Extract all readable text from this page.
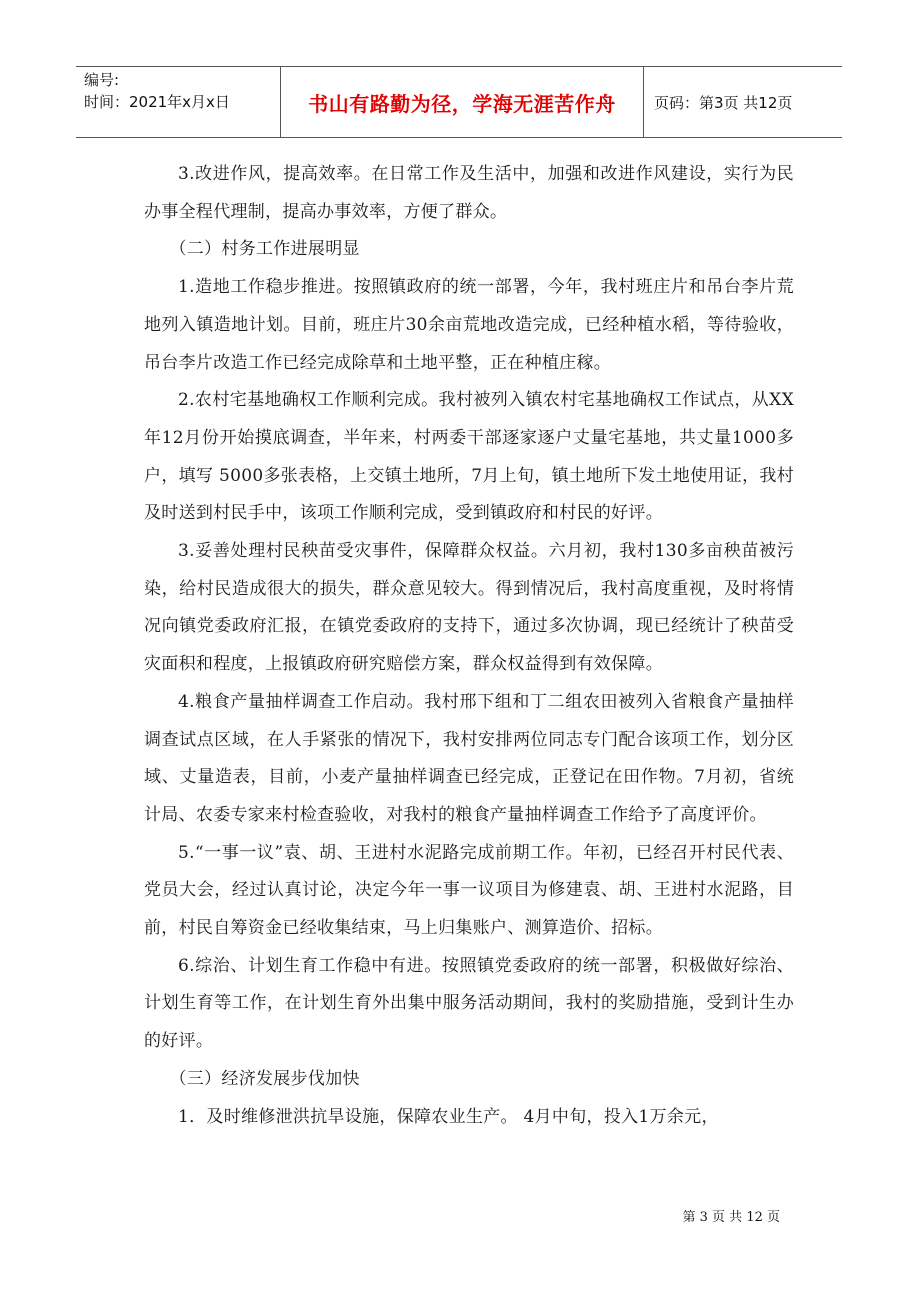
编号:
时间：2021年x月x日	书山有路勤为径，学海无涯苦作舟	页码：第3页 共12页

3.改进作风，提高效率。在日常工作及生活中，加强和改进作风建设，实行为民办事全程代理制，提高办事效率，方便了群众。

（二）村务工作进展明显

1.造地工作稳步推进。按照镇政府的统一部署，今年，我村班庄片和吊台李片荒地列入镇造地计划。目前，班庄片30余亩荒地改造完成，已经种植水稻，等待验收，吊台李片改造工作已经完成除草和土地平整，正在种植庄稼。

2.农村宅基地确权工作顺利完成。我村被列入镇农村宅基地确权工作试点，从XX年12月份开始摸底调查，半年来，村两委干部逐家逐户丈量宅基地，共丈量1000多户，填写 5000多张表格，上交镇土地所，7月上旬，镇土地所下发土地使用证，我村及时送到村民手中，该项工作顺利完成，受到镇政府和村民的好评。

3.妥善处理村民秧苗受灾事件，保障群众权益。六月初，我村130多亩秧苗被污染，给村民造成很大的损失，群众意见较大。得到情况后，我村高度重视，及时将情况向镇党委政府汇报，在镇党委政府的支持下，通过多次协调，现已经统计了秧苗受灾面积和程度，上报镇政府研究赔偿方案，群众权益得到有效保障。

4.粮食产量抽样调查工作启动。我村邢下组和丁二组农田被列入省粮食产量抽样调查试点区域，在人手紧张的情况下，我村安排两位同志专门配合该项工作，划分区域、丈量造表，目前，小麦产量抽样调查已经完成，正登记在田作物。7月初，省统计局、农委专家来村检查验收，对我村的粮食产量抽样调查工作给予了高度评价。

5.“一事一议”袁、胡、王进村水泥路完成前期工作。年初，已经召开村民代表、党员大会，经过认真讨论，决定今年一事一议项目为修建袁、胡、王进村水泥路，目前，村民自筹资金已经收集结束，马上归集账户、测算造价、招标。

6.综治、计划生育工作稳中有进。按照镇党委政府的统一部署，积极做好综治、计划生育等工作，在计划生育外出集中服务活动期间，我村的奖励措施，受到计生办的好评。

（三）经济发展步伐加快

1．及时维修泄洪抗旱设施，保障农业生产。 4月中旬，投入1万余元，

第 3 页 共 12 页
